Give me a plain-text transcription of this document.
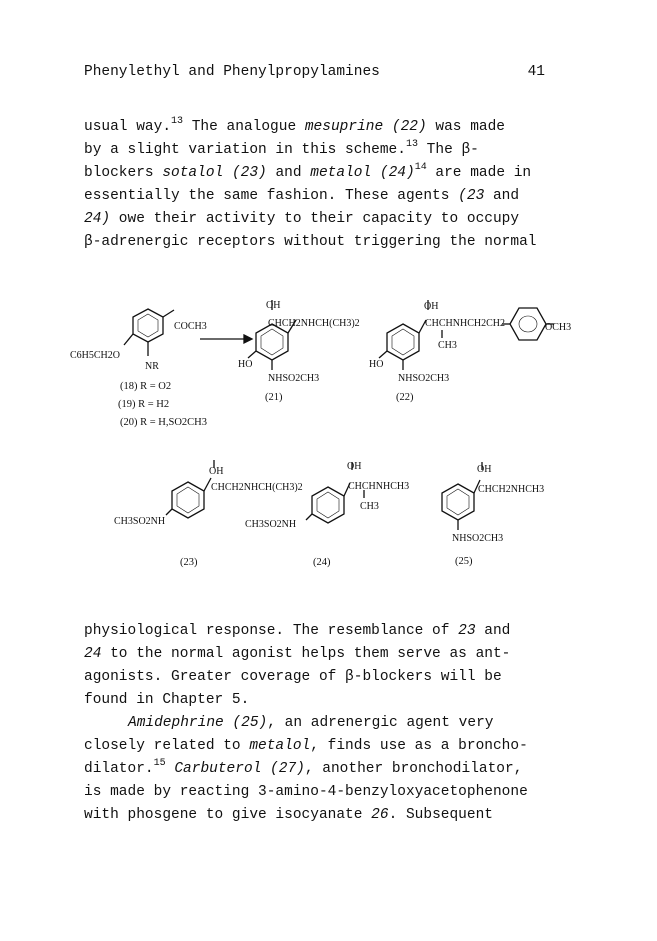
Phenylethyl and Phenylpropylamines	41

usual way.$^{13}$ The analogue mesuprine (22) was made

by a slight variation in this scheme.$^{13}$ The β-

blockers sotalol (23) and metalol $(24)^{14}$ are made in

essentially the same fashion. These agents (23 and

24) owe their activity to their capacity to occupy

β-adrenergic receptors without triggering the normal

COCH3
C6H5CH2O
NR
(18) R = O2
(19) R = H2
(20) R = H,SO2CH3
OH
CHCH2NHCH(CH3)2
HO
NHSO2CH3
(21)
OH
CHCHNHCH2CH2
CH3
HO
NHSO2CH3
(22)
OCH3
OH
CHCH2NHCH(CH3)2
CH3SO2NH
(23)
OH
CHCHNHCH3
CH3
CH3SO2NH
(24)
OH
CHCH2NHCH3
NHSO2CH3
(25)

physiological response. The resemblance of 23 and

24 to the normal agonist helps them serve as ant-

agonists. Greater coverage of β-blockers will be

found in Chapter 5.

Amidephrine (25), an adrenergic agent very

closely related to metalol, finds use as a broncho-

dilator.$^{15}$ Carbuterol (27), another bronchodilator,

is made by reacting 3-amino-4-benzyloxyacetophenone

with phosgene to give isocyanate 26. Subsequent
